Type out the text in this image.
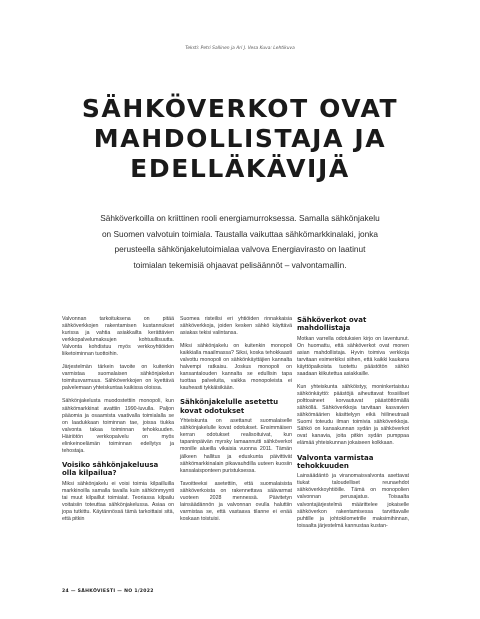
Teksti: Petri Sallinen ja Ari J. Vesa Kuva: Lehtikuva
SÄHKÖVERKOT OVAT
MAHDOLLISTAJA JA
EDELLÄKÄVIJÄ

Sähköverkoilla on kriittinen rooli energiamurroksessa. Samalla sähkönjakelu on Suomen valvotuin toimiala. Taustalla vaikuttaa sähkömarkkinalaki, jonka perusteella sähkönjakelutoimialaa valvova Energiavirasto on laatinut toimialan tekemisiä ohjaavat pelisäännöt – valvontamallin.

Valvonnan tarkoituksena on pitää sähköverkkojen rakentamisen kustannukset kurissa ja vahtia asiakkailta kerättävien verkkopalvelumaksujen kohtuullisuutta. Valvonta kohdistuu myös verkkoyhtiöiden liiketoiminnan tuottoihin.

Järjestelmän tärkein tavoite on kuitenkin varmistaa suomalaisen sähkönjakelun toimitusvarmuus. Sähköverkkojen on kyettävä palvelemaan yhteiskuntaa kaikissa oloissa.

Sähkönjakelusta muodostettiin monopoli, kun sähkömarkkinat avattiin 1990-luvulla. Paljon pääomia ja osaamista vaativalla toimialalla se on laadukkaan toiminnan tae, joissa tiukka valvonta takaa toiminnan tehokkuuden. Häiriötön verkkopalvelu on myös elinkeinoelämän toiminnan edellytys ja tehostaja.

Voisiko sähkönjakeluusa olla kilpailua?

Miksi sähkönjakelu ei voisi toimia kilpailluilla markkinoilla samalla tavalla kuin sähkönmyynti tai muut kilpaillut toimialat. Teoriassa kilpailu voitaisiin toteuttaa sähkönjakelussa. Asiaa on jopa tutkittu. Käytännössä tämä tarkoittaisi sitä, että pitkin

Suomea risteilisi eri yhtiöiden rinnakkaisia sähköverkkoja, joiden kesken sähkö käyttävä asiakas tekisi valintansa.

Miksi sähkönjakelu on kuitenkin monopoli kaikkialla maailmassa? Siksi, koska tehokkaasti valvottu monopoli on sähkönkäyttäjien kannalta halvempi ratkaisu. Joskus monopoli on kansantalouden kannalta se edullisin tapa tuottaa palveluita, vaikka monopoleista ei kauheasti tykkäisikään.

Sähkönjakelulle asetettu kovat odotukset

Yhteiskunta on asettanut suomalaiselle sähkönjakelulle kovat odotukset. Ensimmäisen kerran odotukset realisoituivat, kun tapaninpäivän myrsky lamaannutti sähköverkot monille alueilla vikaisia vuonna 2011. Tämän jälkeen hallitus ja eduskunta päivittivät sähkömarkkinalain pikavauhdilla uuteen kuosiin kansalaisponteen puristuksessa.

Tavoitteeksi asetettiin, että suomalaisista sähköverkoista on rakennettava säävarmat vuoteen 2028 mennessä. Päivitetyn lainsäädännön ja valvonnan ovulla haluttiin varmistaa se, että vastaava tilanne ei enää koskaan toistuisi.

Sähköverkot ovat mahdollistaja

Motkan varrella odotuksien kirjo on laventunut. On huomattu, että sähköverkot ovat monen asian mahdollistaja. Hyvin toimiva verkkoja tarvitaan esimerkiksi siihen, että kaikki kaukana käyttöpaikoista tuotettu päästötön sähkö saadaan kiikutettua asiakkaille.

Kun yhteiskunta sähköistyy, moninkertaistuu sähkönkäyttö: päästöjä aiheuttavat fossiiliset polttoaineet korvautuvat päästöttömällä sähköllä. Sähköverkkoja tarvitaan kasvavien sähkömäärien käsittelyyn eikä hiilineutraali Suomi toteudu ilman toimivia sähköverkkoja. Sähkö on kansakunnan sydän ja sähköverkot ovat kanavia, joita pitkin sydän pumppaa elämää yhteiskunnan jokaiseen kolkkaan.

Valvonta varmistaa tehokkuuden

Lainsäädäntö ja viranomaisvalvonta asettavat tiukat taloudelliset reunaehdot sähköverkkoyhtiöille. Tämä on monopolien valvonnan perusajatus. Toisaalta valvontajärjestelmä määrittelee jokaiselle sähköverkon rakentamisessa tarvittavalle puhtille ja johtokilometrille maksimihinnan, toisaalta järjestelmä kannustaa kustan-

24 — SÄHKÖVIESTI — NO 1/2022
